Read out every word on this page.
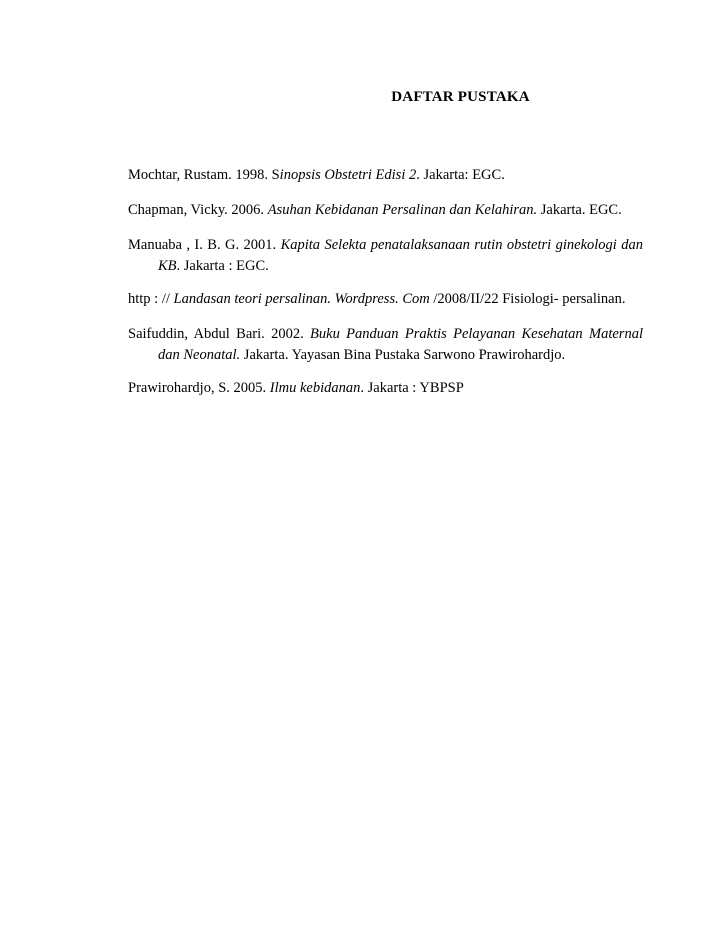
DAFTAR PUSTAKA

Mochtar, Rustam. 1998. Sinopsis Obstetri Edisi 2. Jakarta: EGC.

Chapman, Vicky. 2006. Asuhan Kebidanan Persalinan dan Kelahiran. Jakarta. EGC.

Manuaba , I. B. G. 2001. Kapita Selekta penatalaksanaan rutin obstetri ginekologi dan KB. Jakarta : EGC.

http : // Landasan teori persalinan. Wordpress. Com /2008/II/22 Fisiologi- persalinan.

Saifuddin, Abdul Bari. 2002. Buku Panduan Praktis Pelayanan Kesehatan Maternal dan Neonatal. Jakarta. Yayasan Bina Pustaka Sarwono Prawirohardjo.

Prawirohardjo, S. 2005. Ilmu kebidanan. Jakarta : YBPSP
